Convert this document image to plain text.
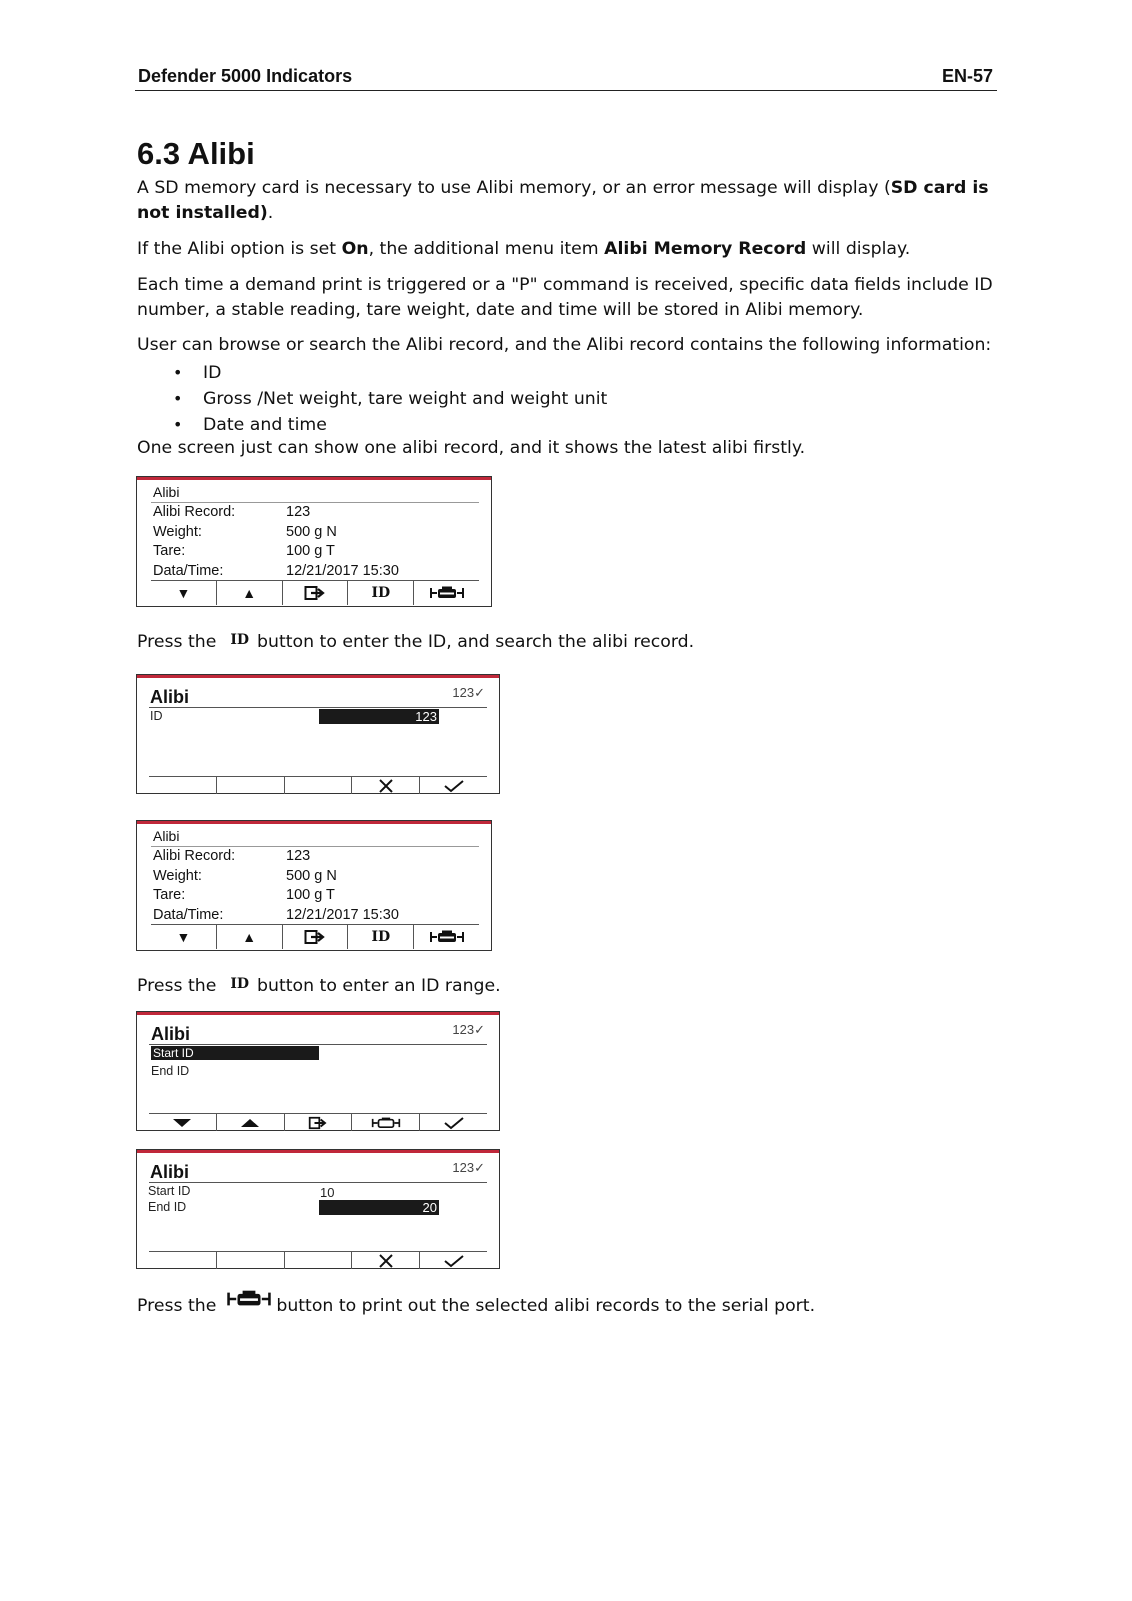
Defender 5000 Indicators	EN-57
6.3 Alibi

A SD memory card is necessary to use Alibi memory, or an error message will display (SD card is not installed).

If the Alibi option is set On, the additional menu item Alibi Memory Record will display.

Each time a demand print is triggered or a "P" command is received, specific data fields include ID number, a stable reading, tare weight, date and time will be stored in Alibi memory.

User can browse or search the Alibi record, and the Alibi record contains the following information:

• ID
• Gross /Net weight, tare weight and weight unit
• Date and time

One screen just can show one alibi record, and it shows the latest alibi firstly.

Alibi
Alibi Record:	123
Weight:	500 g N
Tare:	100 g T
Data/Time:	12/21/2017 15:30
▼	▲	ID

Press the ID button to enter the ID, and search the alibi record.

Alibi	123✓
ID	123
Alibi
Alibi Record:	123
Weight:	500 g N
Tare:	100 g T
Data/Time:	12/21/2017 15:30
▼	▲	ID

Press the ID button to enter an ID range.

Alibi	123✓
Start ID
End ID
Alibi	123✓
Start ID	10
End ID	20

Press the	button to print out the selected alibi records to the serial port.
